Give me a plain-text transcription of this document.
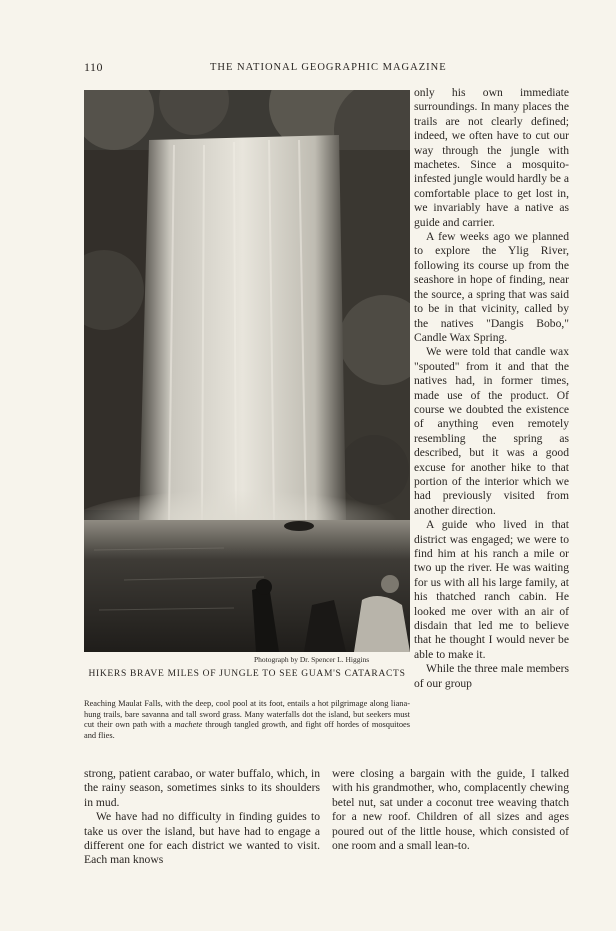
110	THE NATIONAL GEOGRAPHIC MAGAZINE
Photograph by Dr. Spencer L. Higgins
HIKERS BRAVE MILES OF JUNGLE TO SEE GUAM'S CATARACTS
Reaching Maulat Falls, with the deep, cool pool at its foot, entails a hot pilgrimage along liana-hung trails, bare savanna and tall sword grass. Many waterfalls dot the island, but seekers must cut their own path with a machete through tangled growth, and fight off hordes of mosquitoes and flies.

only his own immediate surroundings. In many places the trails are not clearly defined; indeed, we often have to cut our way through the jungle with machetes. Since a mosquito-infested jungle would hardly be a comfortable place to get lost in, we invariably have a native as guide and carrier.

A few weeks ago we planned to explore the Ylig River, following its course up from the seashore in hope of finding, near the source, a spring that was said to be in that vicinity, called by the natives "Dangis Bobo," Candle Wax Spring.

We were told that candle wax "spouted" from it and that the natives had, in former times, made use of the product. Of course we doubted the existence of anything even remotely resembling the spring as described, but it was a good excuse for another hike to that portion of the interior which we had previously visited from another direction.

A guide who lived in that district was engaged; we were to find him at his ranch a mile or two up the river. He was waiting for us with all his large family, at his thatched ranch cabin. He looked me over with an air of disdain that led me to believe that he thought I would never be able to make it.

While the three male members of our group

strong, patient carabao, or water buffalo, which, in the rainy season, sometimes sinks to its shoulders in mud.

We have had no difficulty in finding guides to take us over the island, but have had to engage a different one for each district we wanted to visit. Each man knows

were closing a bargain with the guide, I talked with his grandmother, who, complacently chewing betel nut, sat under a coconut tree weaving thatch for a new roof. Children of all sizes and ages poured out of the little house, which consisted of one room and a small lean-to.
